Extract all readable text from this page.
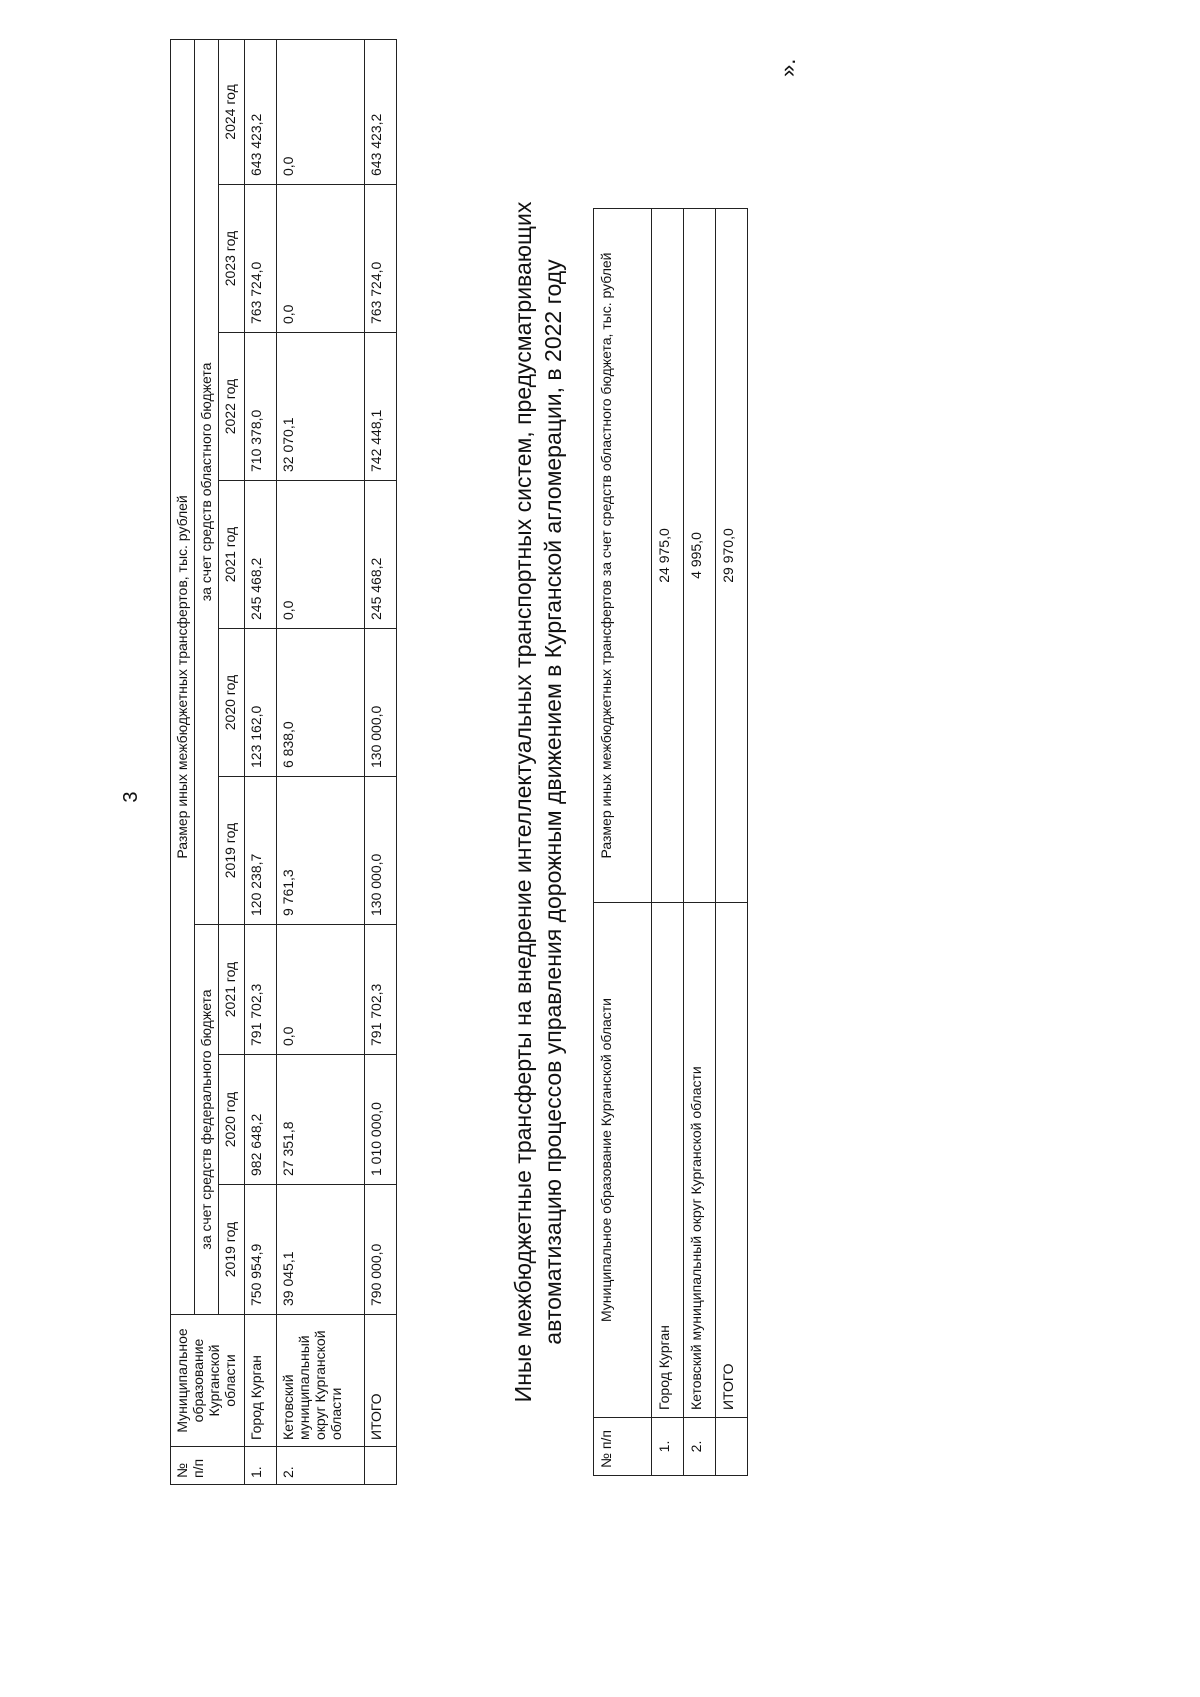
3
№ п/п	Муниципальное образование Курганской области	Размер иных межбюджетных трансфертов, тыс. рублей								
		за счет средств федерального бюджета			за счет средств областного бюджета					
		2019 год	2020 год	2021 год	2019 год	2020 год	2021 год	2022 год	2023 год	2024 год
1.	Город Курган	750 954,9	982 648,2	791 702,3	120 238,7	123 162,0	245 468,2	710 378,0	763 724,0	643 423,2
2.	Кетовский муниципальный округ Курганской области	39 045,1	27 351,8	0,0	9 761,3	6 838,0	0,0	32 070,1	0,0	0,0
	ИТОГО	790 000,0	1 010 000,0	791 702,3	130 000,0	130 000,0	245 468,2	742 448,1	763 724,0	643 423,2
Иные межбюджетные трансферты на внедрение интеллектуальных транспортных систем, предусматривающих автоматизацию процессов управления дорожным движением в Курганской агломерации, в 2022 году
№ п/п	Муниципальное образование Курганской области	Размер иных межбюджетных трансфертов за счет средств областного бюджета, тыс. рублей
1.	Город Курган	24 975,0
2.	Кетовский муниципальный округ Курганской области	4 995,0
	ИТОГО	29 970,0
».
